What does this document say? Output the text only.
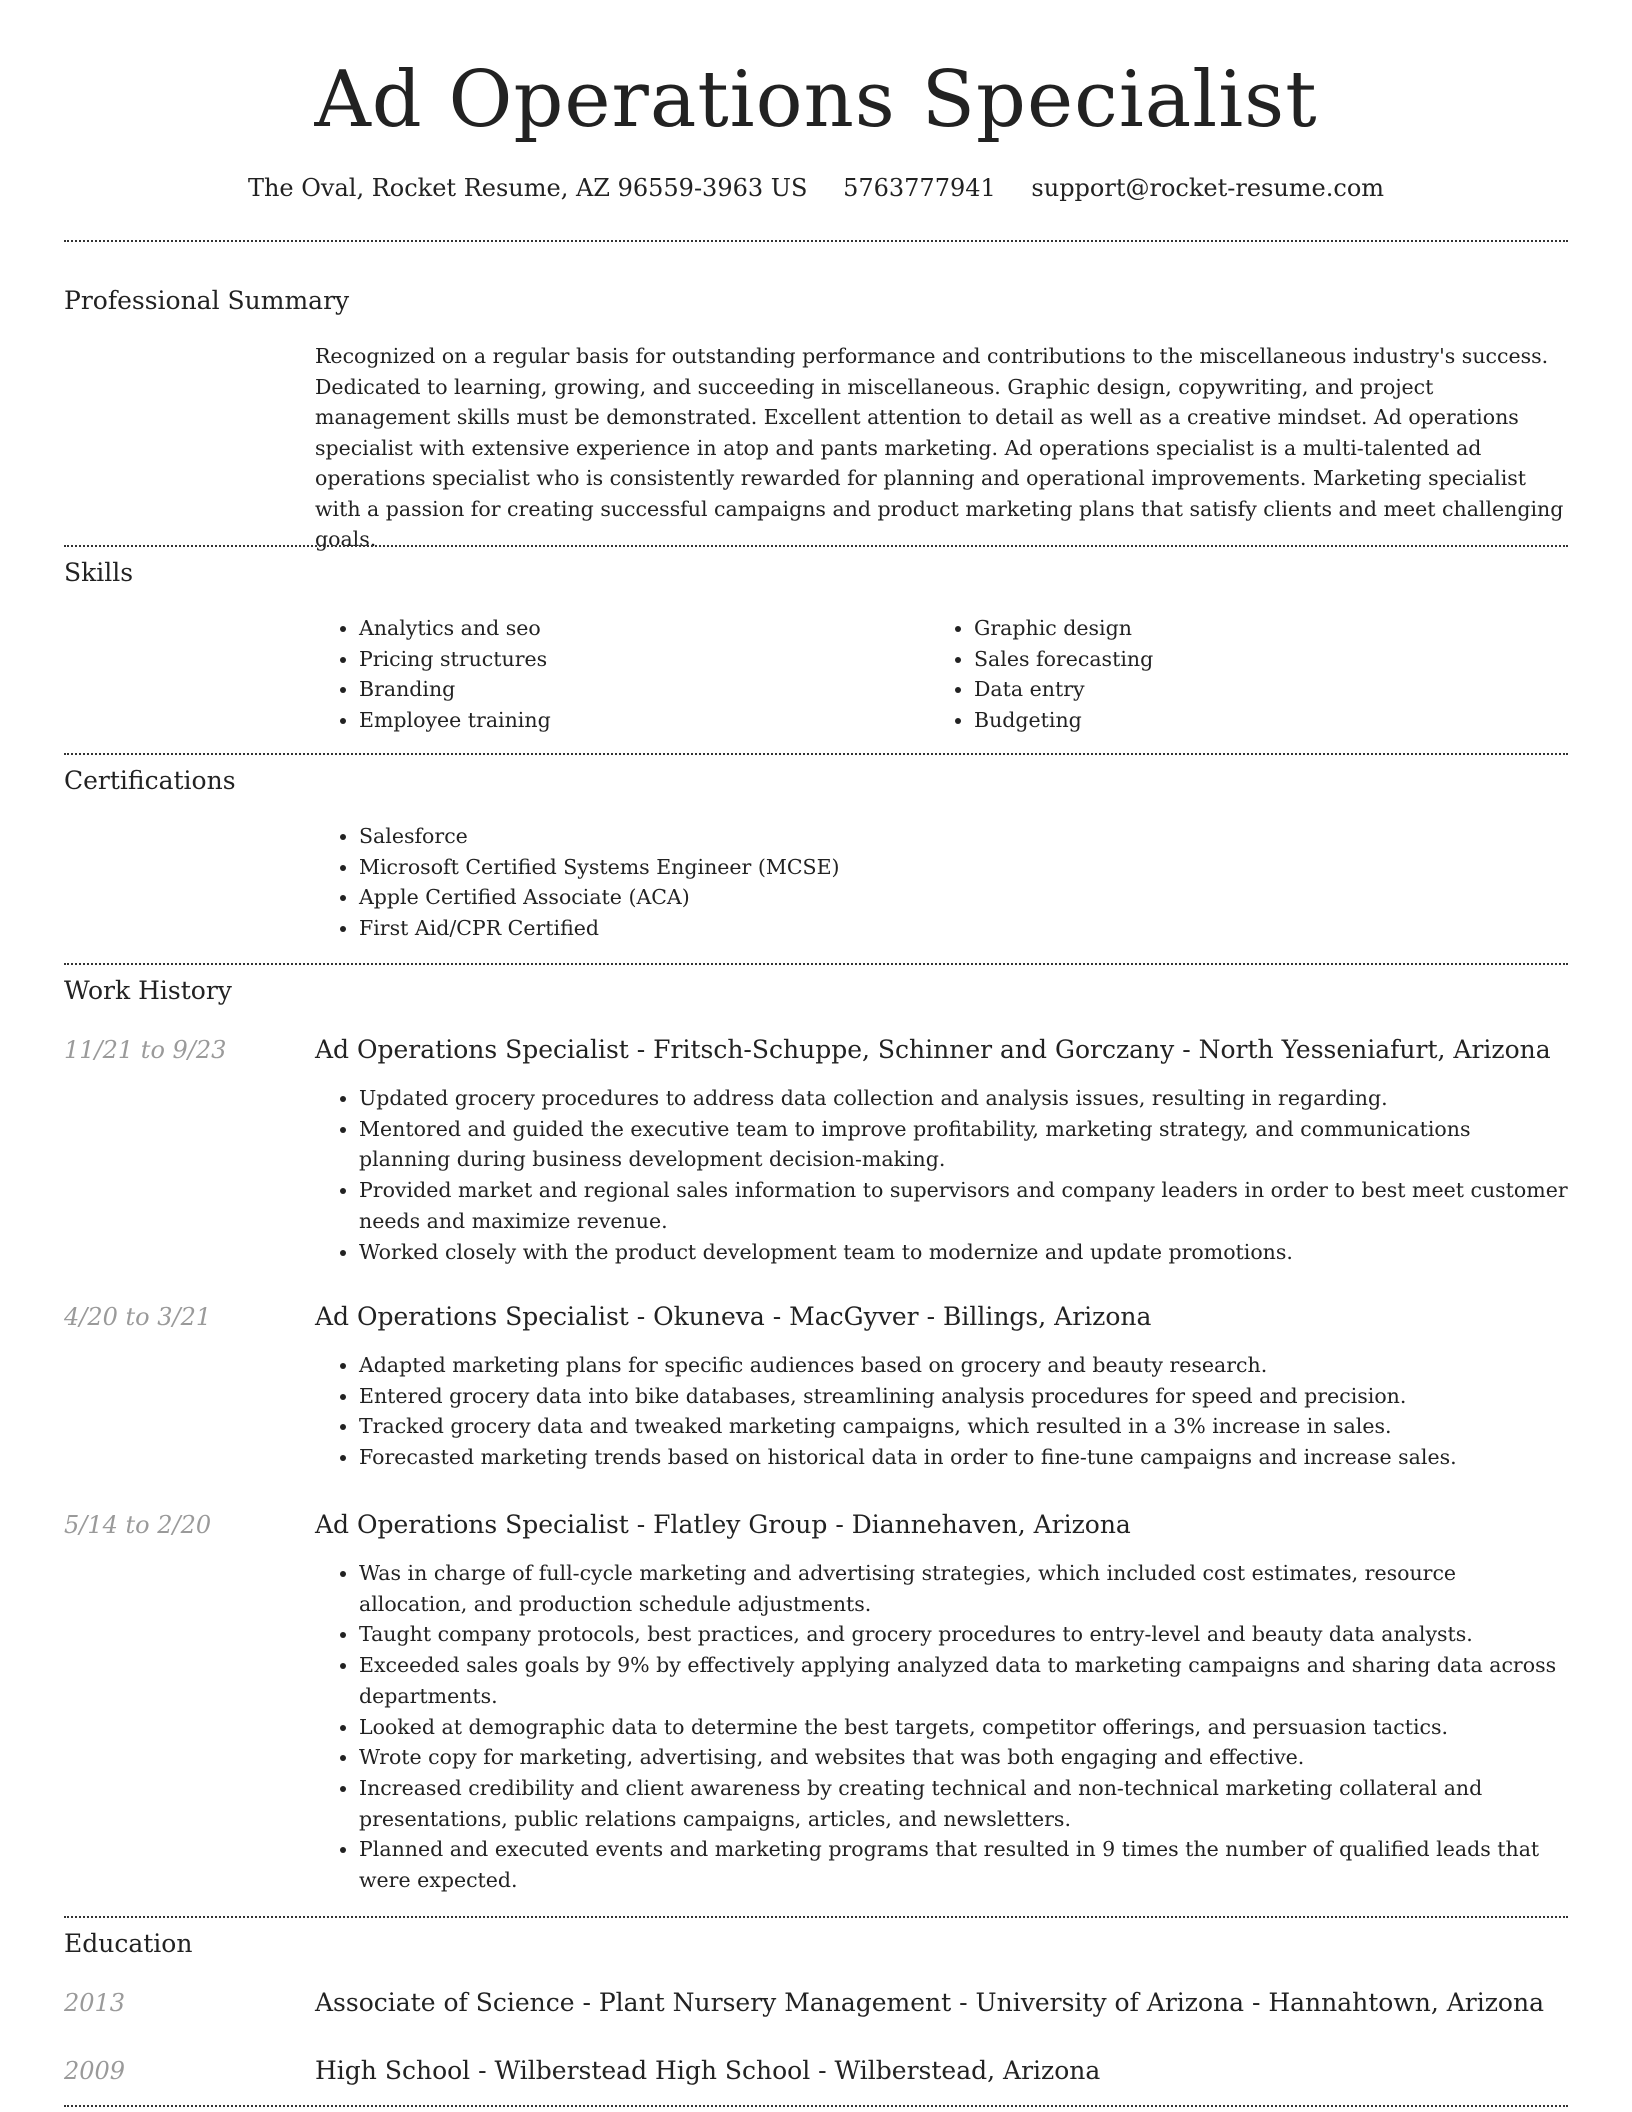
Ad Operations Specialist
The Oval, Rocket Resume, AZ 96559-3963 US 5763777941 support@rocket-resume.com
Professional Summary

Recognized on a regular basis for outstanding performance and contributions to the miscellaneous industry's success. Dedicated to learning, growing, and succeeding in miscellaneous. Graphic design, copywriting, and project management skills must be demonstrated. Excellent attention to detail as well as a creative mindset. Ad operations specialist with extensive experience in atop and pants marketing. Ad operations specialist is a multi-talented ad operations specialist who is consistently rewarded for planning and operational improvements. Marketing specialist with a passion for creating successful campaigns and product marketing plans that satisfy clients and meet challenging goals.

Skills
• Analytics and seo
• Pricing structures
• Branding
• Employee training
• Graphic design
• Sales forecasting
• Data entry
• Budgeting
Certifications
• Salesforce
• Microsoft Certified Systems Engineer (MCSE)
• Apple Certified Associate (ACA)
• First Aid/CPR Certified
Work History
11/21 to 9/23	Ad Operations Specialist - Fritsch-Schuppe, Schinner and Gorczany - North Yesseniafurt, Arizona
• Updated grocery procedures to address data collection and analysis issues, resulting in regarding.
• Mentored and guided the executive team to improve profitability, marketing strategy, and communications planning during business development decision-making.
• Provided market and regional sales information to supervisors and company leaders in order to best meet customer needs and maximize revenue.
• Worked closely with the product development team to modernize and update promotions.
4/20 to 3/21	Ad Operations Specialist - Okuneva - MacGyver - Billings, Arizona
• Adapted marketing plans for specific audiences based on grocery and beauty research.
• Entered grocery data into bike databases, streamlining analysis procedures for speed and precision.
• Tracked grocery data and tweaked marketing campaigns, which resulted in a 3% increase in sales.
• Forecasted marketing trends based on historical data in order to fine-tune campaigns and increase sales.
5/14 to 2/20	Ad Operations Specialist - Flatley Group - Diannehaven, Arizona
• Was in charge of full-cycle marketing and advertising strategies, which included cost estimates, resource allocation, and production schedule adjustments.
• Taught company protocols, best practices, and grocery procedures to entry-level and beauty data analysts.
• Exceeded sales goals by 9% by effectively applying analyzed data to marketing campaigns and sharing data across departments.
• Looked at demographic data to determine the best targets, competitor offerings, and persuasion tactics.
• Wrote copy for marketing, advertising, and websites that was both engaging and effective.
• Increased credibility and client awareness by creating technical and non-technical marketing collateral and presentations, public relations campaigns, articles, and newsletters.
• Planned and executed events and marketing programs that resulted in 9 times the number of qualified leads that were expected.
Education
2013	Associate of Science - Plant Nursery Management - University of Arizona - Hannahtown, Arizona
2009	High School - Wilberstead High School - Wilberstead, Arizona
